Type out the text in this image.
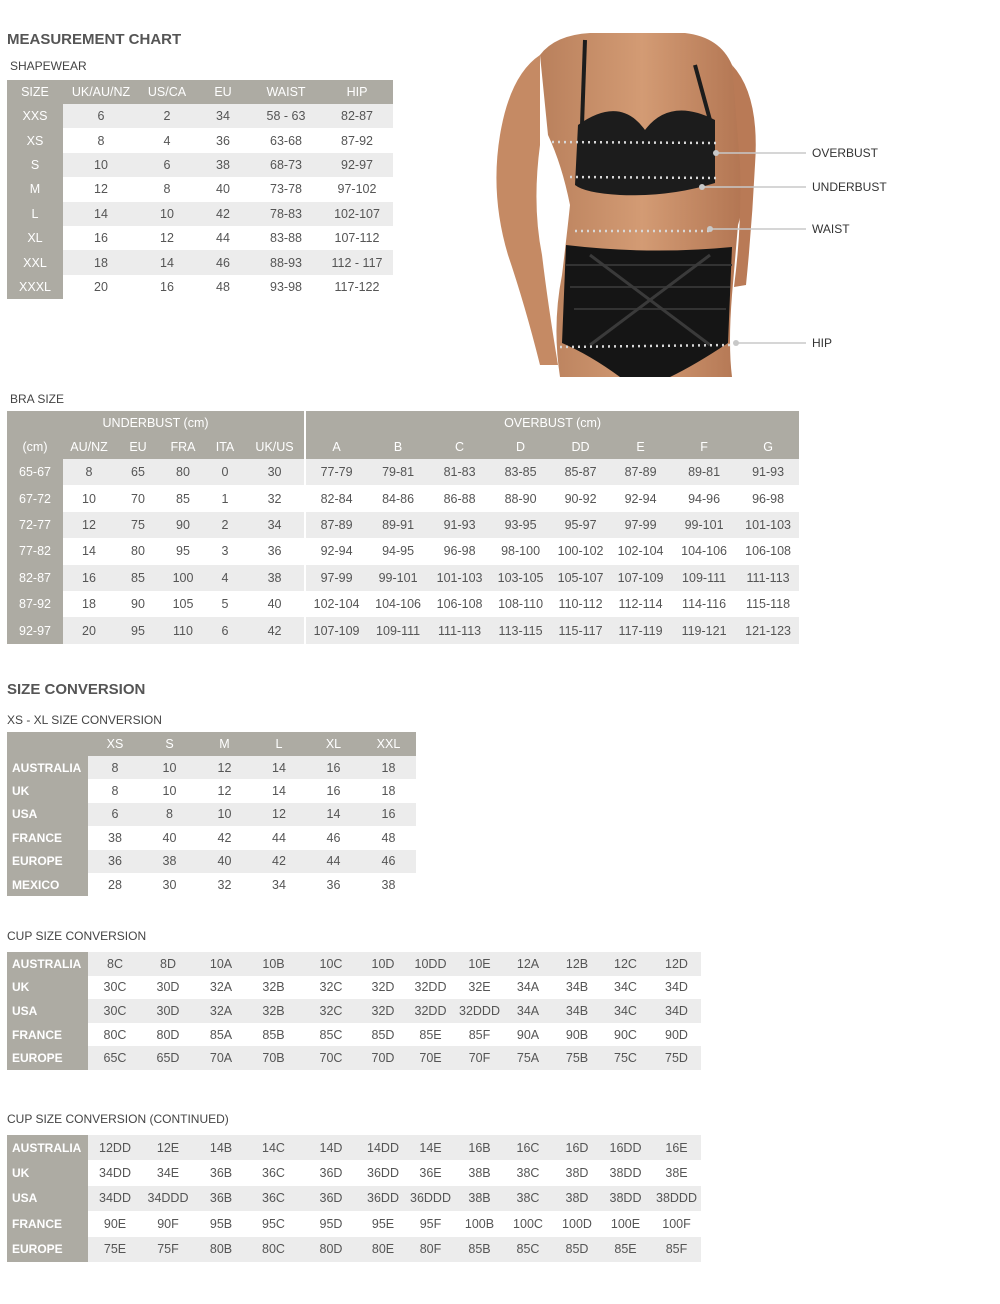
MEASUREMENT CHART
SHAPEWEAR
SIZE	UK/AU/NZ	US/CA	EU	WAIST	HIP
XXS	6	2	34	58 - 63	82-87
XS	8	4	36	63-68	87-92
S	10	6	38	68-73	92-97
M	12	8	40	73-78	97-102
L	14	10	42	78-83	102-107
XL	16	12	44	83-88	107-112
XXL	18	14	46	88-93	112 - 117
XXXL	20	16	48	93-98	117-122
OVERBUST
UNDERBUST
WAIST
HIP
BRA SIZE
UNDERBUST (cm)						OVERBUST (cm)							
(cm)	AU/NZ	EU	FRA	ITA	UK/US	A	B	C	D	DD	E	F	G
65-67	8	65	80	0	30	77-79	79-81	81-83	83-85	85-87	87-89	89-81	91-93
67-72	10	70	85	1	32	82-84	84-86	86-88	88-90	90-92	92-94	94-96	96-98
72-77	12	75	90	2	34	87-89	89-91	91-93	93-95	95-97	97-99	99-101	101-103
77-82	14	80	95	3	36	92-94	94-95	96-98	98-100	100-102	102-104	104-106	106-108
82-87	16	85	100	4	38	97-99	99-101	101-103	103-105	105-107	107-109	109-111	111-113
87-92	18	90	105	5	40	102-104	104-106	106-108	108-110	110-112	112-114	114-116	115-118
92-97	20	95	110	6	42	107-109	109-111	111-113	113-115	115-117	117-119	119-121	121-123
SIZE CONVERSION
XS - XL SIZE CONVERSION
	XS	S	M	L	XL	XXL
AUSTRALIA	8	10	12	14	16	18
UK	8	10	12	14	16	18
USA	6	8	10	12	14	16
FRANCE	38	40	42	44	46	48
EUROPE	36	38	40	42	44	46
MEXICO	28	30	32	34	36	38
CUP SIZE CONVERSION
AUSTRALIA	8C	8D	10A	10B	10C	10D	10DD	10E	12A	12B	12C	12D
UK	30C	30D	32A	32B	32C	32D	32DD	32E	34A	34B	34C	34D
USA	30C	30D	32A	32B	32C	32D	32DD	32DDD	34A	34B	34C	34D
FRANCE	80C	80D	85A	85B	85C	85D	85E	85F	90A	90B	90C	90D
EUROPE	65C	65D	70A	70B	70C	70D	70E	70F	75A	75B	75C	75D
CUP SIZE CONVERSION (CONTINUED)
AUSTRALIA	12DD	12E	14B	14C	14D	14DD	14E	16B	16C	16D	16DD	16E
UK	34DD	34E	36B	36C	36D	36DD	36E	38B	38C	38D	38DD	38E
USA	34DD	34DDD	36B	36C	36D	36DD	36DDD	38B	38C	38D	38DD	38DDD
FRANCE	90E	90F	95B	95C	95D	95E	95F	100B	100C	100D	100E	100F
EUROPE	75E	75F	80B	80C	80D	80E	80F	85B	85C	85D	85E	85F
